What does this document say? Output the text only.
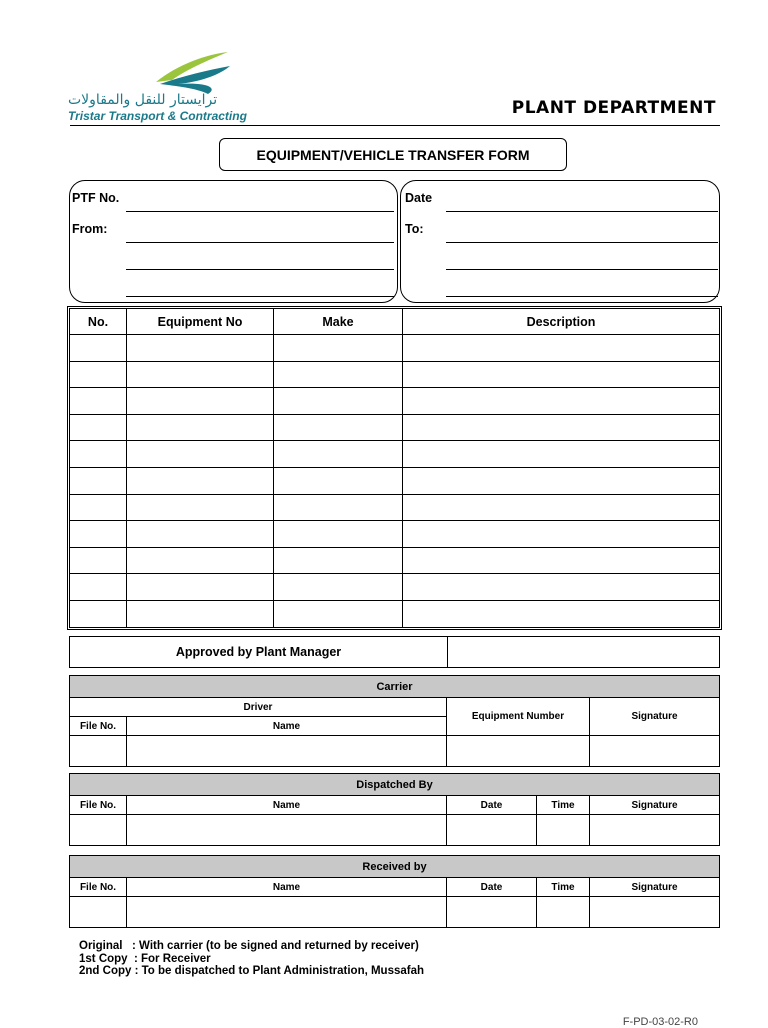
ترايستار للنقل والمقاولات
Tristar Transport & Contracting	PLANT DEPARTMENT
EQUIPMENT/VEHICLE TRANSFER FORM
PTF No.
From:
Date
To:
No.	Equipment No	Make	Description

Approved by Plant Manager	
Carrier			
Driver		Equipment Number	Signature
File No.	Name		

Dispatched By				
File No.	Name	Date	Time	Signature

Received by				
File No.	Name	Date	Time	Signature

Original   : With carrier (to be signed and returned by receiver)
1st Copy  : For Receiver
2nd Copy : To be dispatched to Plant Administration, Mussafah
F-PD-03-02-R0
